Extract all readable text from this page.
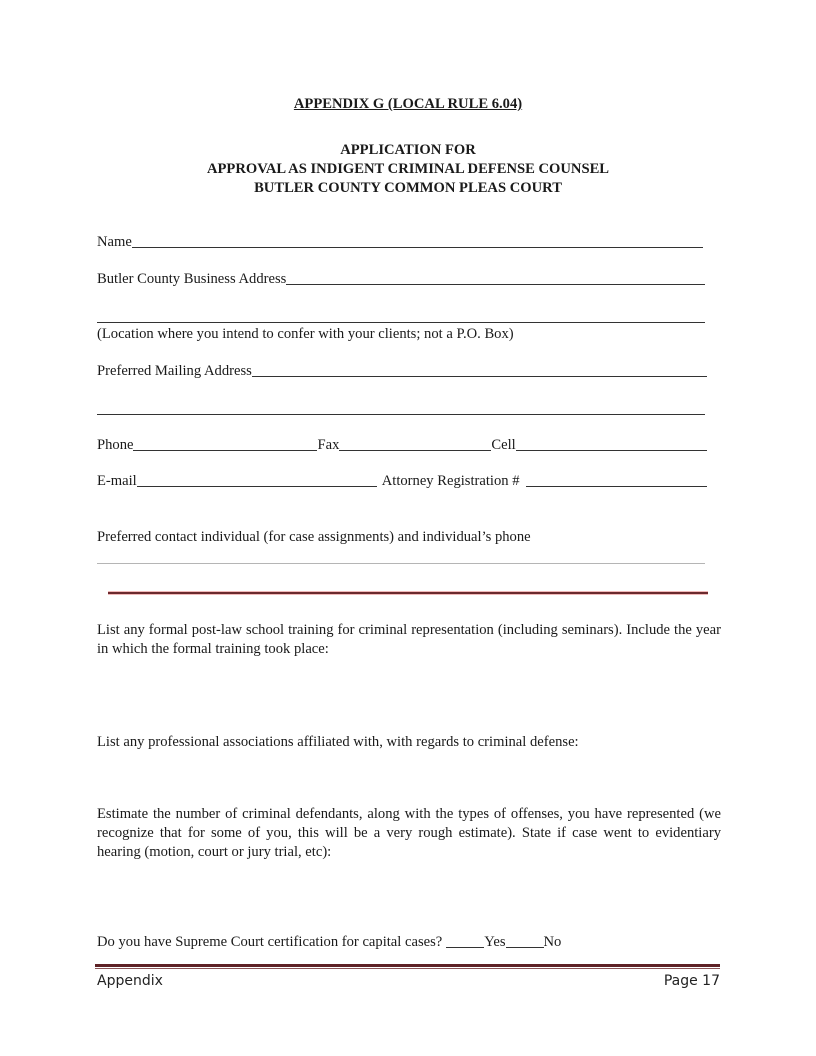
APPENDIX G (LOCAL RULE 6.04)
APPLICATION FOR
APPROVAL AS INDIGENT CRIMINAL DEFENSE COUNSEL
BUTLER COUNTY COMMON PLEAS COURT
Name
Butler County Business Address
(Location where you intend to confer with your clients; not a P.O. Box)
Preferred Mailing Address
Phone	Fax	Cell
E-mail	Attorney Registration #
Preferred contact individual (for case assignments) and individual’s phone
List any formal post-law school training for criminal representation (including seminars). Include the year in which the formal training took place:
List any professional associations affiliated with, with regards to criminal defense:
Estimate the number of criminal defendants, along with the types of offenses, you have represented (we recognize that for some of you, this will be a very rough estimate). State if case went to evidentiary hearing (motion, court or jury trial, etc):
Do you have Supreme Court certification for capital cases?	Yes	No
Appendix	Page 17
